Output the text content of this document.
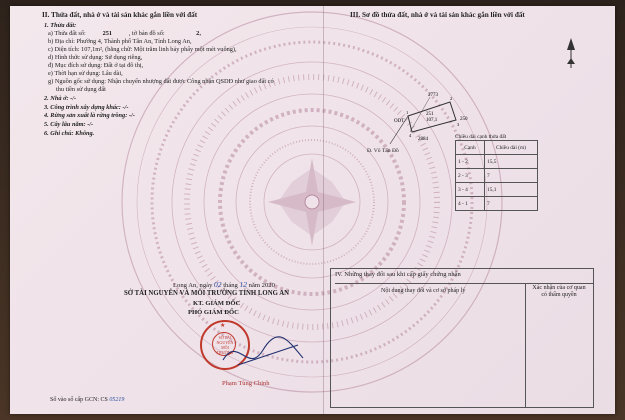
II. Thửa đất, nhà ở và tài sản khác gắn liền với đất
1. Thửa đất:
a) Thửa đất số:	251	, tờ bản đồ số:	2,
b) Địa chỉ: Phường 4, Thành phố Tân An, Tỉnh Long An,
c) Diện tích: 107,1m², (bằng chữ: Một trăm linh bảy phẩy một mét vuông),
d) Hình thức sử dụng: Sử dụng riêng,
đ) Mục đích sử dụng: Đất ở tại đô thị,
e) Thời hạn sử dụng: Lâu dài,
g) Nguồn gốc sử dụng: Nhận chuyển nhượng đất được Công nhận QSDĐ như giao đất có
thu tiền sử dụng đất
2. Nhà ở: -/-
3. Công trình xây dựng khác: -/-
4. Rừng sản xuất là rừng trồng: -/-
5. Cây lâu năm: -/-
6. Ghi chú: Không.
Long An, ngày 02 tháng 12 năm 2020
SỞ TÀI NGUYÊN VÀ MÔI TRƯỜNG TỈNH LONG AN
KT. GIÁM ĐỐC
PHÓ GIÁM ĐỐC
★
SỞ TÀI NGUYÊN MÔI TRƯỜNG
Phạm Tùng Chinh
Số vào sổ cấp GCN: CS 05219
III. Sơ đồ thửa đất, nhà ở và tài sản khác gắn liền với đất
2773
ODT
251
107,1	250
2884
1
2
3
4
Đ. Võ Tấn Đồ
Chiều dài cạnh thửa đất
Cạnh	Chiều dài (m)
1 - 2	15,5
2 - 3	7
3 - 4	15,1
4 - 1	7
IV. Những thay đổi sau khi cấp giấy chứng nhận
Nội dung thay đổi và cơ sở pháp lý	Xác nhận của cơ quan có thẩm quyền
